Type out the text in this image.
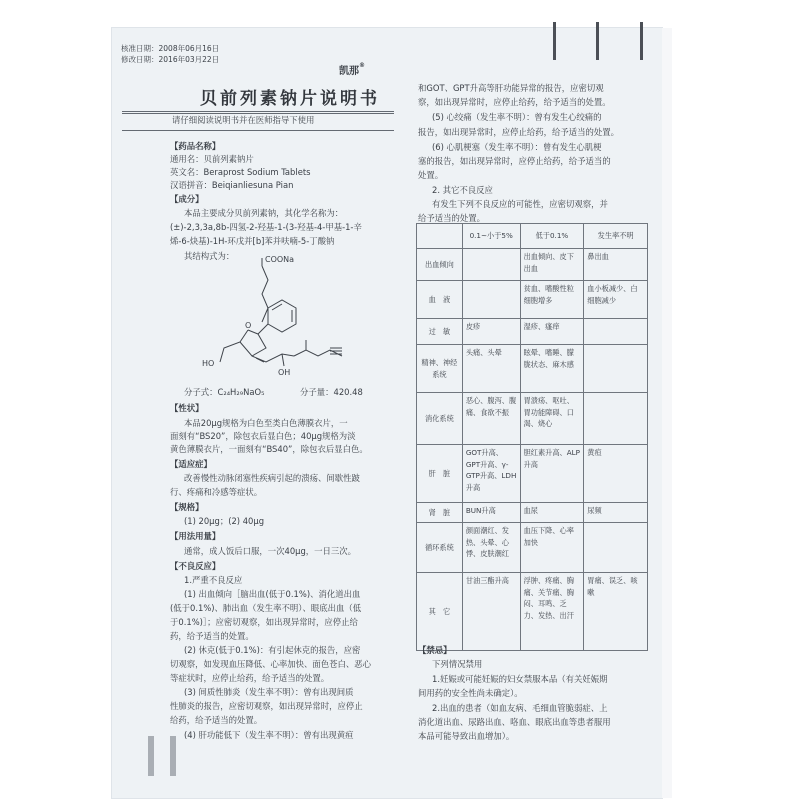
核准日期：2008年06月16日
修改日期：2016年03月22日
凯那®
贝前列素钠片说明书
请仔细阅读说明书并在医师指导下使用
【药品名称】
通用名：贝前列素钠片
英文名：Beraprost Sodium Tablets
汉语拼音：Beiqianliesuna Pian
【成分】
本品主要成分贝前列素钠，其化学名称为：
(±)-2,3,3a,8b-四氢-2-羟基-1-(3-羟基-4-甲基-1-辛
烯-6-炔基)-1H-环戊并[b]苯并呋喃-5-丁酸钠
其结构式为：	COONa
O
HO
OH
分子式：C₂₄H₂₉NaO₅	分子量：420.48
【性状】
本品20μg规格为白色至类白色薄膜衣片，一
面刻有“BS20”，除包衣后显白色；40μg规格为淡
黄色薄膜衣片，一面刻有“BS40”，除包衣后显白色。
【适应症】
改善慢性动脉闭塞性疾病引起的溃疡、间歇性跛
行、疼痛和冷感等症状。
【规格】
(1) 20μg；(2) 40μg
【用法用量】
通常，成人饭后口服，一次40μg，一日三次。
【不良反应】
1.严重不良反应
(1) 出血倾向［脑出血(低于0.1%)、消化道出血
(低于0.1%)、肺出血（发生率不明）、眼底出血（低
于0.1%)］；应密切观察，如出现异常时，应停止给
药，给予适当的处置。
(2) 休克(低于0.1%)：有引起休克的报告，应密
切观察，如发现血压降低、心率加快、面色苍白、恶心
等症状时，应停止给药，给予适当的处置。
(3) 间质性肺炎（发生率不明）：曾有出现间质
性肺炎的报告，应密切观察，如出现异常时，应停止
给药，给予适当的处置。
(4) 肝功能低下（发生率不明）：曾有出现黄疸
和GOT、GPT升高等肝功能异常的报告，应密切观
察，如出现异常时，应停止给药，给予适当的处置。
(5) 心绞痛（发生率不明）：曾有发生心绞痛的
报告，如出现异常时，应停止给药，给予适当的处置。
(6) 心肌梗塞（发生率不明）：曾有发生心肌梗
塞的报告，如出现异常时，应停止给药，给予适当的
处置。
2. 其它不良反应
有发生下列不良反应的可能性，应密切观察，并
给予适当的处置。
	0.1~小于5%	低于0.1%	发生率不明
出血倾向		出血倾向、皮下出血	鼻出血
血　液		贫血、嗜酸性粒细胞增多	血小板减少、白细胞减少
过　敏	皮疹	湿疹、瘙痒	
精神、神经系统	头痛、头晕	眩晕、嗜睡、朦胧状态、麻木感	
消化系统	恶心、腹泻、腹痛、食欲不振	胃溃疡、呕吐、胃功能障碍、口渴、烧心	
肝　脏	GOT升高、GPT升高、γ-GTP升高、LDH升高	胆红素升高、ALP升高	黄疸
肾　脏	BUN升高	血尿	尿频
循环系统	颜面潮红、发热、头晕、心悸、皮肤潮红	血压下降、心率加快	
其　它	甘油三酯升高	浮肿、疼痛、胸痛、关节痛、胸闷、耳鸣、乏力、发热、出汗	胃痛、误乏、咳嗽
【禁忌】
下列情况禁用
1.妊娠或可能妊娠的妇女禁服本品（有关妊娠期
间用药的安全性尚未确定）。
2.出血的患者（如血友病、毛细血管脆弱症、上
消化道出血、尿路出血、咯血、眼底出血等患者服用
本品可能导致出血增加）。
